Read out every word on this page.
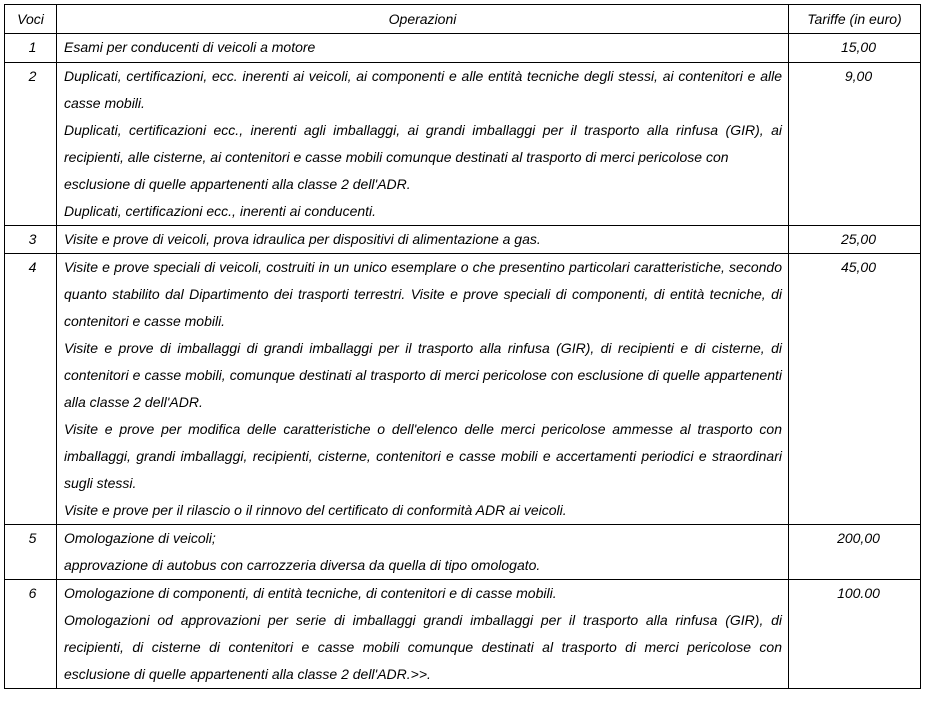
Voci	Operazioni	Tariffe (in euro)
1	Esami per conducenti di veicoli a motore	15,00
2	Duplicati, certificazioni, ecc. inerenti ai veicoli, ai componenti e alle entità tecniche degli stessi, ai contenitori e alle casse mobili.
Duplicati, certificazioni ecc., inerenti agli imballaggi, ai grandi imballaggi per il trasporto alla rinfusa (GIR), ai recipienti, alle cisterne, ai contenitori e casse mobili comunque destinati al trasporto di merci pericolose con
esclusione di quelle appartenenti alla classe 2 dell'ADR.
Duplicati, certificazioni ecc., inerenti ai conducenti.	9,00
3	Visite e prove di veicoli, prova idraulica per dispositivi di alimentazione a gas.	25,00
4	Visite e prove speciali di veicoli, costruiti in un unico esemplare o che presentino particolari caratteristiche, secondo quanto stabilito dal Dipartimento dei trasporti terrestri. Visite e prove speciali di componenti, di entità tecniche, di contenitori e casse mobili.
Visite e prove di imballaggi di grandi imballaggi per il trasporto alla rinfusa (GIR), di recipienti e di cisterne, di contenitori e casse mobili, comunque destinati al trasporto di merci pericolose con esclusione di quelle appartenenti alla classe 2 dell'ADR.
Visite e prove per modifica delle caratteristiche o dell'elenco delle merci pericolose ammesse al trasporto con imballaggi, grandi imballaggi, recipienti, cisterne, contenitori e casse mobili e accertamenti periodici e straordinari sugli stessi.
Visite e prove per il rilascio o il rinnovo del certificato di conformità ADR ai veicoli.	45,00
5	Omologazione di veicoli;
approvazione di autobus con carrozzeria diversa da quella di tipo omologato.	200,00
6	Omologazione di componenti, di entità tecniche, di contenitori e di casse mobili.
Omologazioni od approvazioni per serie di imballaggi grandi imballaggi per il trasporto alla rinfusa (GIR), di recipienti, di cisterne di contenitori e casse mobili comunque destinati al trasporto di merci pericolose con esclusione di quelle appartenenti alla classe 2 dell'ADR.>>.	100.00
